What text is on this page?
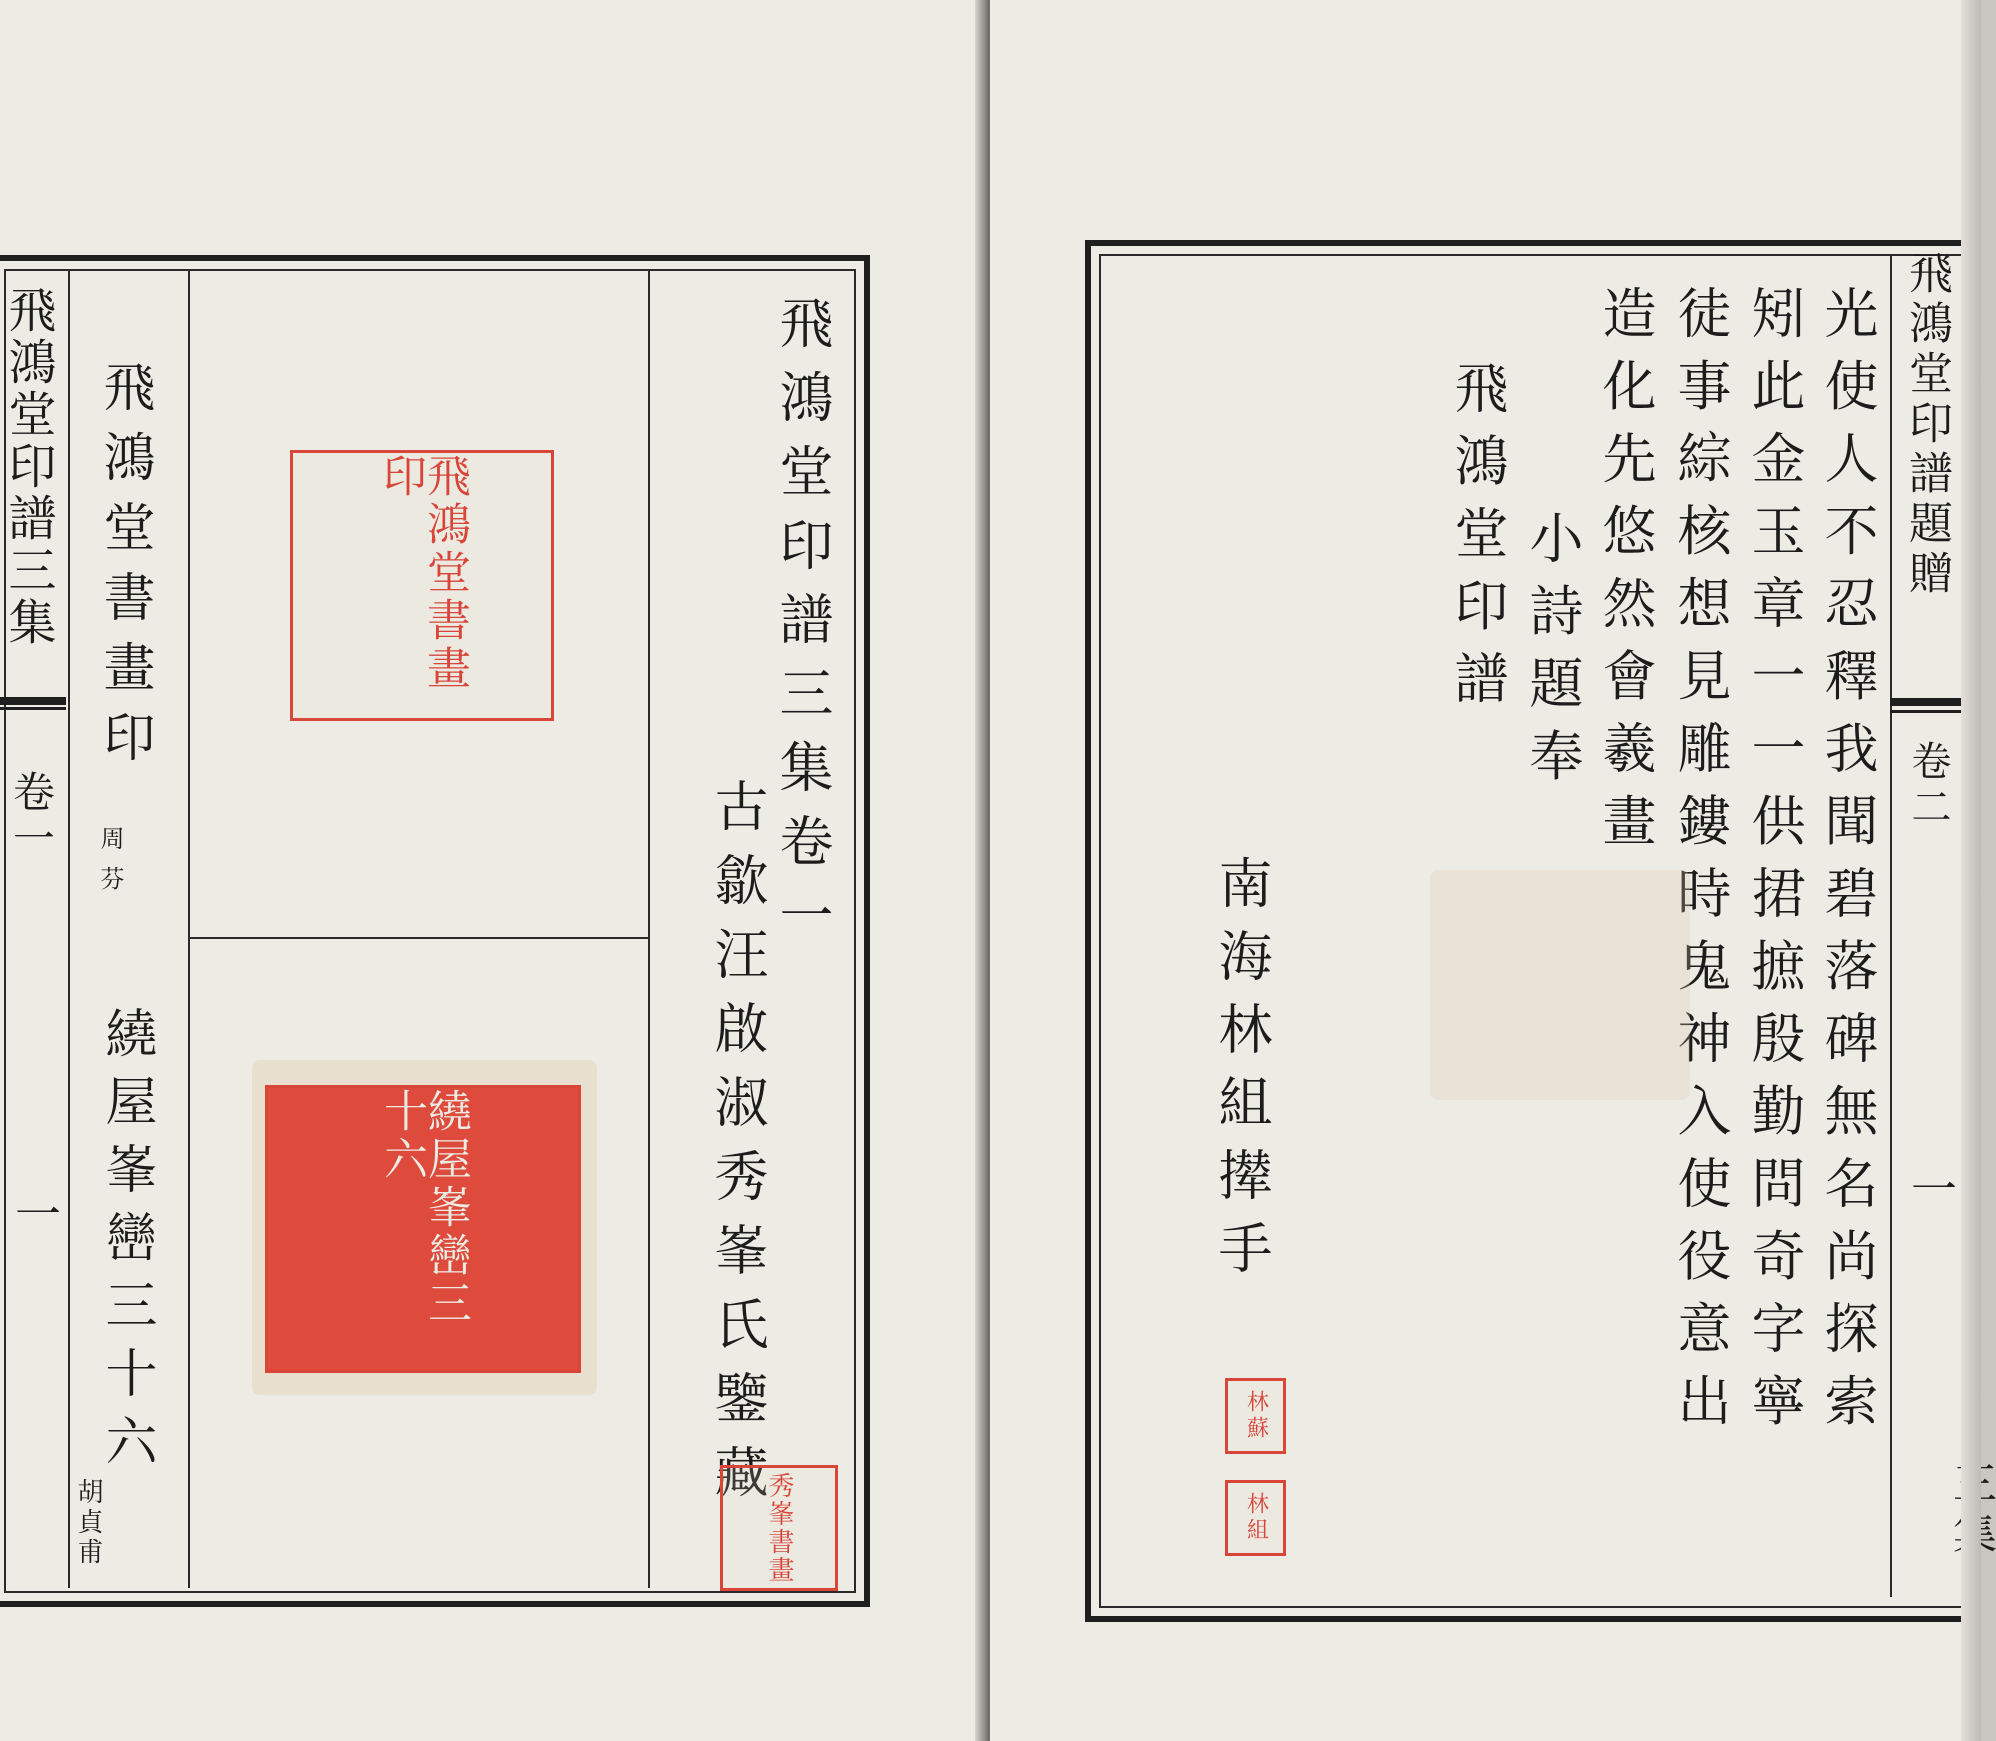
飛鴻堂印譜三集
卷一
一
飛鴻堂書畫印
周芬
繞屋峯巒三十六
胡貞甫
飛鴻堂書畫印
繞屋峯巒三十六
飛鴻堂印譜三集卷一
古歙汪啟淑秀峯氏鑒藏
秀峯書畫
飛鴻堂印譜題贈
卷二
一
光使人不忍釋我聞碧落碑無名尚探索
矧此金玉章一一供捃摭殷勤問奇字寧
徒事綜核想見雕鏤時鬼神入使役意出
造化先悠然會羲畫
小詩題奉
飛鴻堂印譜
南海林組撵手
林蘇
林組
